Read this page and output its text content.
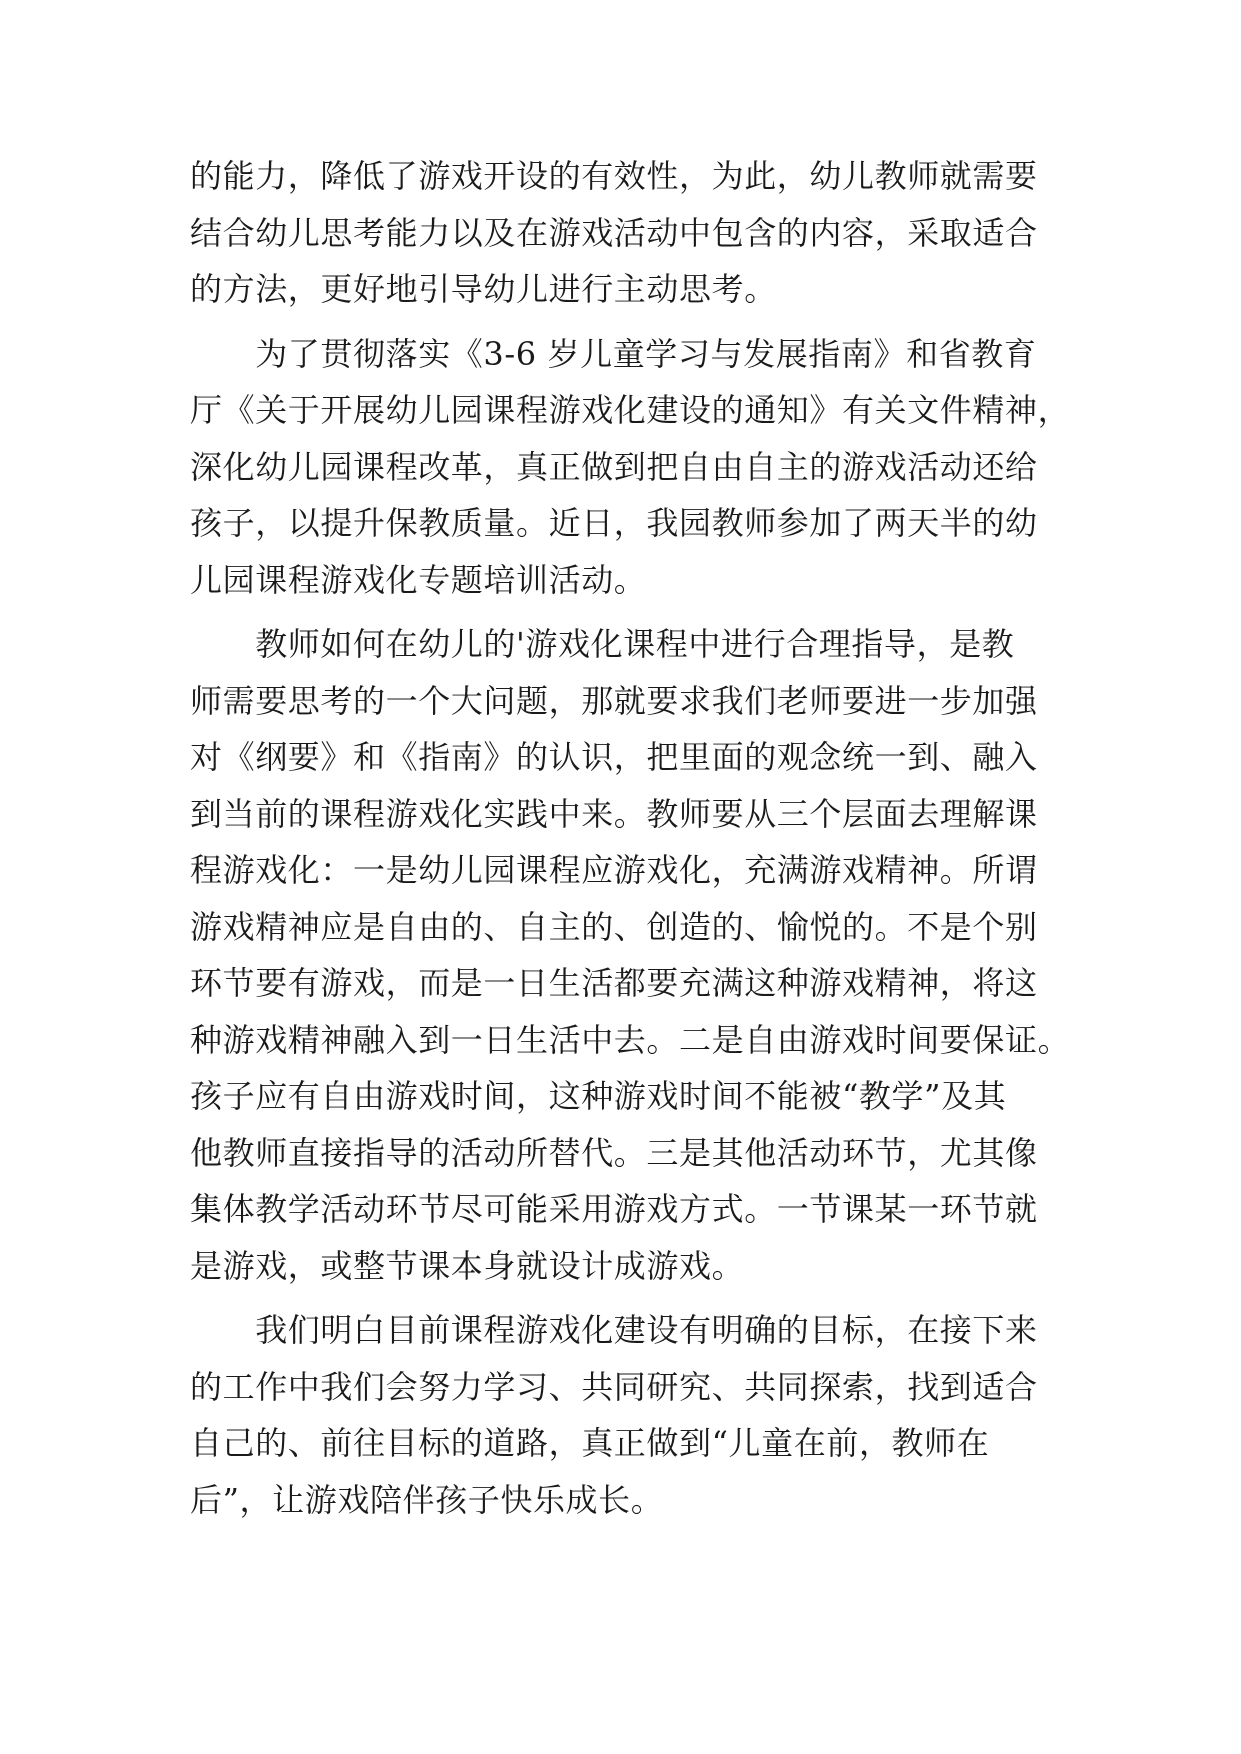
的能力，降低了游戏开设的有效性，为此，幼儿教师就需要
结合幼儿思考能力以及在游戏活动中包含的内容，采取适合
的方法，更好地引导幼儿进行主动思考。
　　为了贯彻落实《3-6 岁儿童学习与发展指南》和省教育
厅《关于开展幼儿园课程游戏化建设的通知》有关文件精神，
深化幼儿园课程改革，真正做到把自由自主的游戏活动还给
孩子，以提升保教质量。近日，我园教师参加了两天半的幼
儿园课程游戏化专题培训活动。
　　教师如何在幼儿的'游戏化课程中进行合理指导，是教
师需要思考的一个大问题，那就要求我们老师要进一步加强
对《纲要》和《指南》的认识，把里面的观念统一到、融入
到当前的课程游戏化实践中来。教师要从三个层面去理解课
程游戏化：一是幼儿园课程应游戏化，充满游戏精神。所谓
游戏精神应是自由的、自主的、创造的、愉悦的。不是个别
环节要有游戏，而是一日生活都要充满这种游戏精神，将这
种游戏精神融入到一日生活中去。二是自由游戏时间要保证。
孩子应有自由游戏时间，这种游戏时间不能被“教学”及其
他教师直接指导的活动所替代。三是其他活动环节，尤其像
集体教学活动环节尽可能采用游戏方式。一节课某一环节就
是游戏，或整节课本身就设计成游戏。
　　我们明白目前课程游戏化建设有明确的目标，在接下来
的工作中我们会努力学习、共同研究、共同探索，找到适合
自己的、前往目标的道路，真正做到“儿童在前，教师在
后”，让游戏陪伴孩子快乐成长。
